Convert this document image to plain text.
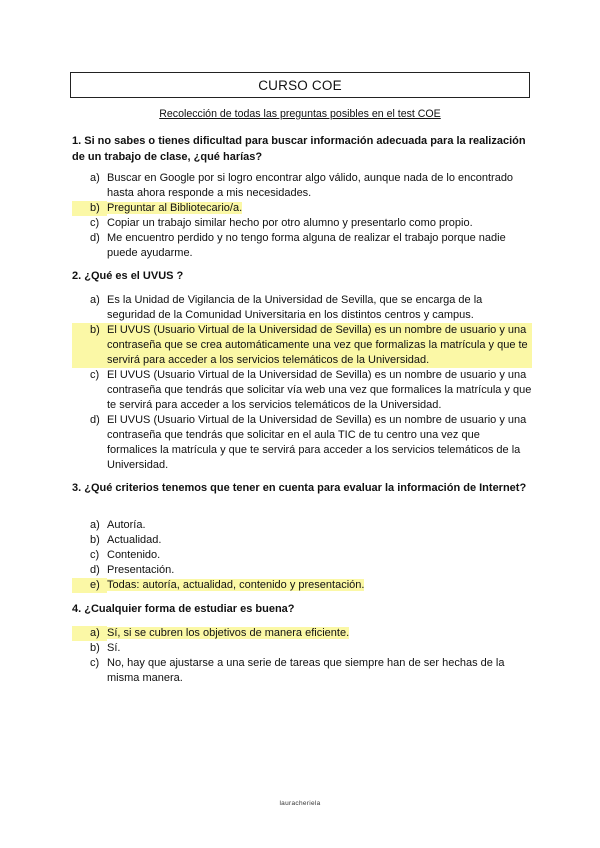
CURSO COE
Recolección de todas las preguntas posibles en el test COE
1. Si no sabes o tienes dificultad para buscar información adecuada para la realización de un trabajo de clase, ¿qué harías?
a) Buscar en Google por si logro encontrar algo válido, aunque nada de lo encontrado hasta ahora responde a mis necesidades.
b) Preguntar al Bibliotecario/a.
c) Copiar un trabajo similar hecho por otro alumno y presentarlo como propio.
d) Me encuentro perdido y no tengo forma alguna de realizar el trabajo porque nadie puede ayudarme.
2. ¿Qué es el UVUS ?
a) Es la Unidad de Vigilancia de la Universidad de Sevilla, que se encarga de la seguridad de la Comunidad Universitaria en los distintos centros y campus.
b) El UVUS (Usuario Virtual de la Universidad de Sevilla) es un nombre de usuario y una contraseña que se crea automáticamente una vez que formalizas la matrícula y que te servirá para acceder a los servicios telemáticos de la Universidad.
c) El UVUS (Usuario Virtual de la Universidad de Sevilla) es un nombre de usuario y una contraseña que tendrás que solicitar vía web una vez que formalices la matrícula y que te servirá para acceder a los servicios telemáticos de la Universidad.
d) El UVUS (Usuario Virtual de la Universidad de Sevilla) es un nombre de usuario y una contraseña que tendrás que solicitar en el aula TIC de tu centro una vez que formalices la matrícula y que te servirá para acceder a los servicios telemáticos de la Universidad.
3. ¿Qué criterios tenemos que tener en cuenta para evaluar la información de Internet?
a) Autoría.
b) Actualidad.
c) Contenido.
d) Presentación.
e) Todas: autoría, actualidad, contenido y presentación.
4. ¿Cualquier forma de estudiar es buena?
a) Sí, si se cubren los objetivos de manera eficiente.
b) Sí.
c) No, hay que ajustarse a una serie de tareas que siempre han de ser hechas de la misma manera.
lauracheriela
